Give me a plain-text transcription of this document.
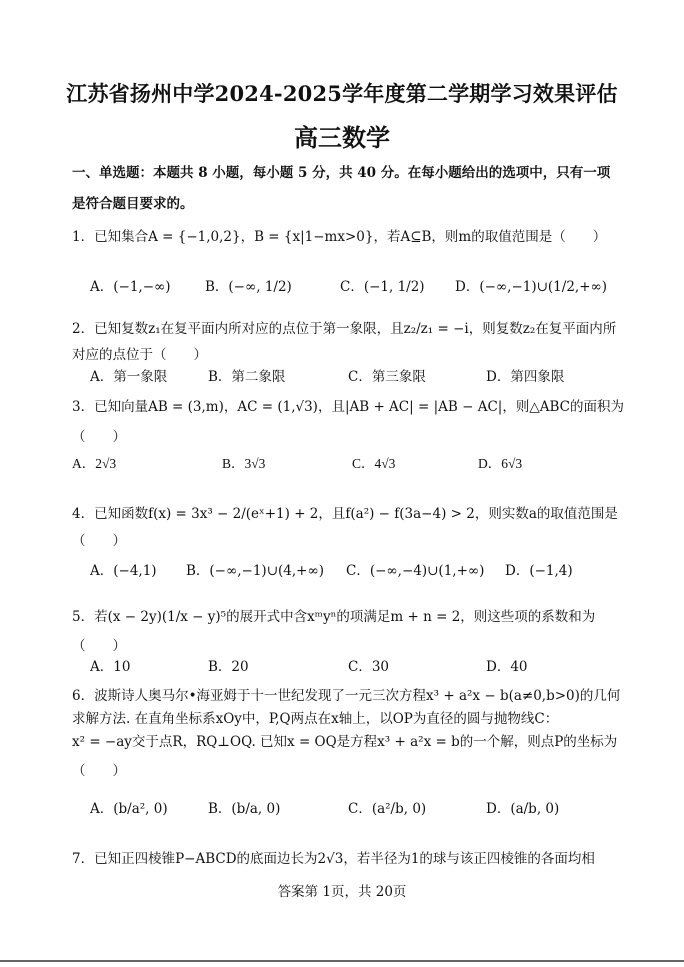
江苏省扬州中学2024-2025学年度第二学期学习效果评估
高三数学
一、单选题：本题共 8 小题，每小题 5 分，共 40 分。在每小题给出的选项中，只有一项
是符合题目要求的。
1．已知集合A = {−1,0,2}，B = {x|1−mx>0}，若A⊆B，则m的取值范围是（　　）
A．(−1,−∞)	B．(−∞, 1/2)	C．(−1, 1/2) D．(−∞,−1)∪(1/2,+∞)
2．已知复数z₁在复平面内所对应的点位于第一象限，且z₂/z₁ = −i，则复数z₂在复平面内所
对应的点位于（　　）
A．第一象限	B．第二象限	C．第三象限	D．第四象限
3．已知向量AB = (3,m)，AC = (1,√3)，且|AB + AC| = |AB − AC|，则△ABC的面积为
（　　）
A．2√3	B．3√3	C．4√3	D．6√3
4．已知函数f(x) = 3x³ − 2/(eˣ+1) + 2，且f(a²) − f(3a−4) > 2，则实数a的取值范围是
（　　）
A．(−4,1) B．(−∞,−1)∪(4,+∞) C．(−∞,−4)∪(1,+∞) D．(−1,4)
5．若(x − 2y)(1/x − y)⁵的展开式中含xᵐyⁿ的项满足m + n = 2，则这些项的系数和为
（　　）
A．10	B．20	C．30	D．40
6．波斯诗人奥马尔•海亚姆于十一世纪发现了一元三次方程x³ + a²x − b(a≠0,b>0)的几何
求解方法. 在直角坐标系xOy中，P,Q两点在x轴上，以OP为直径的圆与抛物线C：
x² = −ay交于点R，RQ⊥OQ. 已知x = OQ是方程x³ + a²x = b的一个解，则点P的坐标为
（　　）
A．(b/a², 0)	B．(b/a, 0)	C．(a²/b, 0)	D．(a/b, 0)
7．已知正四棱锥P−ABCD的底面边长为2√3，若半径为1的球与该正四棱锥的各面均相
答案第 1页，共 20页
